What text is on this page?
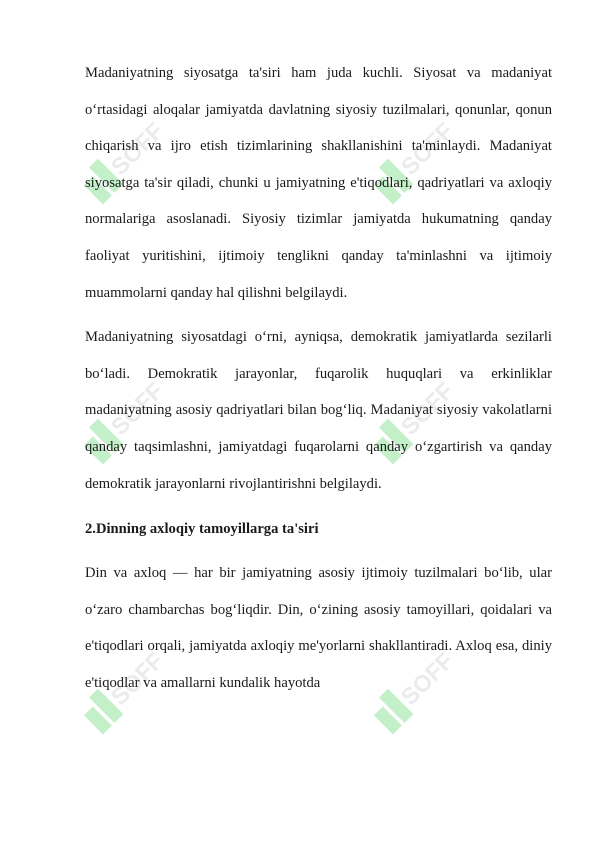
SOFF	SOFF
SOFF	SOFF
SOFF	SOFF

Madaniyatning siyosatga ta'siri ham juda kuchli. Siyosat va madaniyat o‘rtasidagi aloqalar jamiyatda davlatning siyosiy tuzilmalari, qonunlar, qonun chiqarish va ijro etish tizimlarining shakllanishini ta'minlaydi. Madaniyat siyosatga ta'sir qiladi, chunki u jamiyatning e'tiqodlari, qadriyatlari va axloqiy normalariga asoslanadi. Siyosiy tizimlar jamiyatda hukumatning qanday faoliyat yuritishini, ijtimoiy tenglikni qanday ta'minlashni va ijtimoiy muammolarni qanday hal qilishni belgilaydi.

Madaniyatning siyosatdagi o‘rni, ayniqsa, demokratik jamiyatlarda sezilarli bo‘ladi. Demokratik jarayonlar, fuqarolik huquqlari va erkinliklar madaniyatning asosiy qadriyatlari bilan bog‘liq. Madaniyat siyosiy vakolatlarni qanday taqsimlashni, jamiyatdagi fuqarolarni qanday o‘zgartirish va qanday demokratik jarayonlarni rivojlantirishni belgilaydi.

2.Dinning axloqiy tamoyillarga ta'siri

Din va axloq — har bir jamiyatning asosiy ijtimoiy tuzilmalari bo‘lib, ular o‘zaro chambarchas bog‘liqdir. Din, o‘zining asosiy tamoyillari, qoidalari va e'tiqodlari orqali, jamiyatda axloqiy me'yorlarni shakllantiradi. Axloq esa, diniy e'tiqodlar va amallarni kundalik hayotda
